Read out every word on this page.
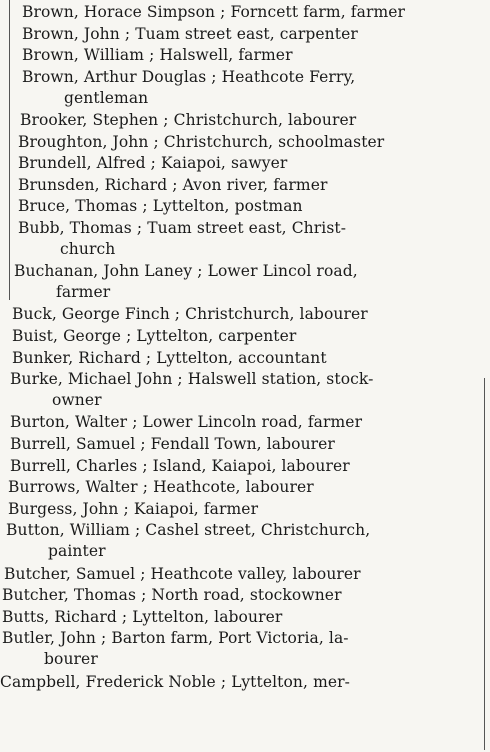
Brown, Horace Simpson ; Forncett farm, farmer
Brown, John ; Tuam street east, carpenter
Brown, William ; Halswell, farmer
Brown, Arthur Douglas ; Heathcote Ferry,
gentleman
Brooker, Stephen ; Christchurch, labourer
Broughton, John ; Christchurch, schoolmaster
Brundell, Alfred ; Kaiapoi, sawyer
Brunsden, Richard ; Avon river, farmer
Bruce, Thomas ; Lyttelton, postman
Bubb, Thomas ; Tuam street east, Christ-
church
Buchanan, John Laney ; Lower Lincol road,
farmer
Buck, George Finch ; Christchurch, labourer
Buist, George ; Lyttelton, carpenter
Bunker, Richard ; Lyttelton, accountant
Burke, Michael John ; Halswell station, stock-
owner
Burton, Walter ; Lower Lincoln road, farmer
Burrell, Samuel ; Fendall Town, labourer
Burrell, Charles ; Island, Kaiapoi, labourer
Burrows, Walter ; Heathcote, labourer
Burgess, John ; Kaiapoi, farmer
Button, William ; Cashel street, Christchurch,
painter
Butcher, Samuel ; Heathcote valley, labourer
Butcher, Thomas ; North road, stockowner
Butts, Richard ; Lyttelton, labourer
Butler, John ; Barton farm, Port Victoria, la-
bourer
Campbell, Frederick Noble ; Lyttelton, mer-
